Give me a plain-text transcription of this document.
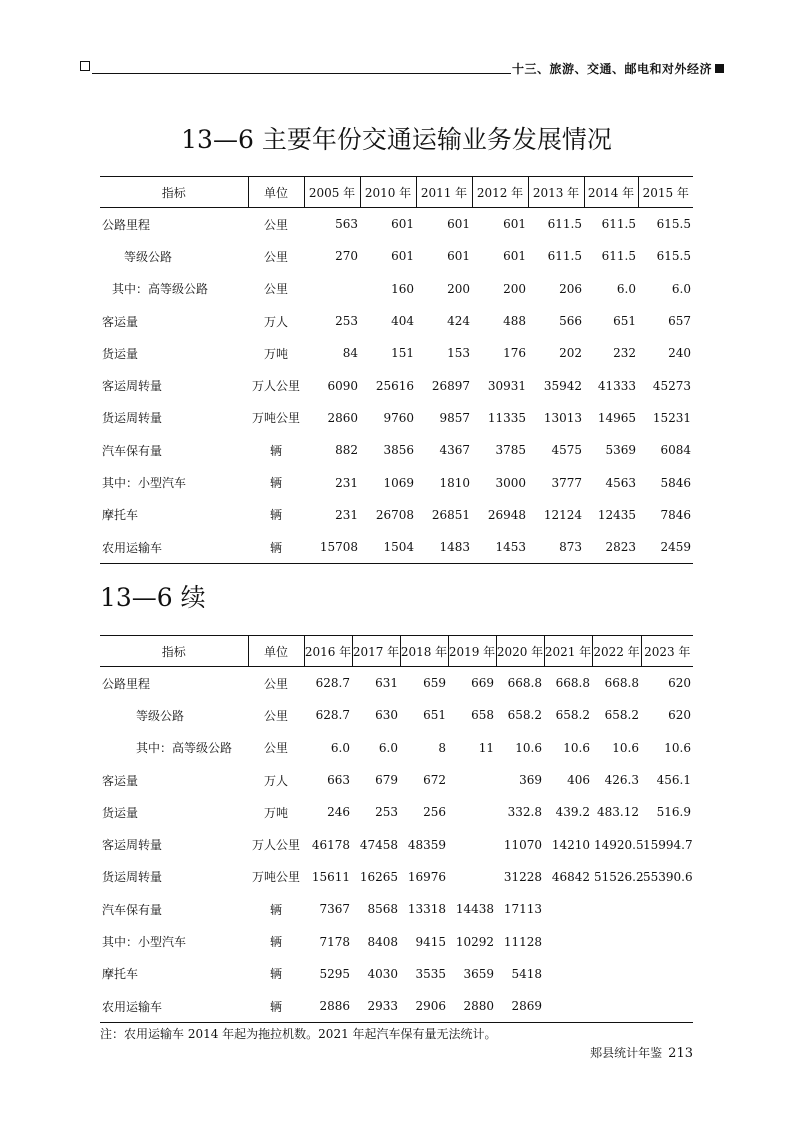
十三、旅游、交通、邮电和对外经济
13—6 主要年份交通运输业务发展情况
指标	单位	2005 年	2010 年	2011 年	2012 年	2013 年	2014 年	2015 年
公路里程	公里	563	601	601	601	611.5	611.5	615.5
等级公路	公里	270	601	601	601	611.5	611.5	615.5
其中：高等级公路	公里		160	200	200	206	6.0	6.0
客运量	万人	253	404	424	488	566	651	657
货运量	万吨	84	151	153	176	202	232	240
客运周转量	万人公里	6090	25616	26897	30931	35942	41333	45273
货运周转量	万吨公里	2860	9760	9857	11335	13013	14965	15231
汽车保有量	辆	882	3856	4367	3785	4575	5369	6084
其中：小型汽车	辆	231	1069	1810	3000	3777	4563	5846
摩托车	辆	231	26708	26851	26948	12124	12435	7846
农用运输车	辆	15708	1504	1483	1453	873	2823	2459
13—6 续
指标	单位	2016 年	2017 年	2018 年	2019 年	2020 年	2021 年	2022 年	2023 年
公路里程	公里	628.7	631	659	669	668.8	668.8	668.8	620
等级公路	公里	628.7	630	651	658	658.2	658.2	658.2	620
其中：高等级公路	公里	6.0	6.0	8	11	10.6	10.6	10.6	10.6
客运量	万人	663	679	672		369	406	426.3	456.1
货运量	万吨	246	253	256		332.8	439.2	483.12	516.9
客运周转量	万人公里	46178	47458	48359		11070	14210	14920.5	15994.7
货运周转量	万吨公里	15611	16265	16976		31228	46842	51526.2	55390.6
汽车保有量	辆	7367	8568	13318	14438	17113			
其中：小型汽车	辆	7178	8408	9415	10292	11128			
摩托车	辆	5295	4030	3535	3659	5418			
农用运输车	辆	2886	2933	2906	2880	2869			
注：农用运输车 2014 年起为拖拉机数。2021 年起汽车保有量无法统计。
郏县统计年鉴 213
